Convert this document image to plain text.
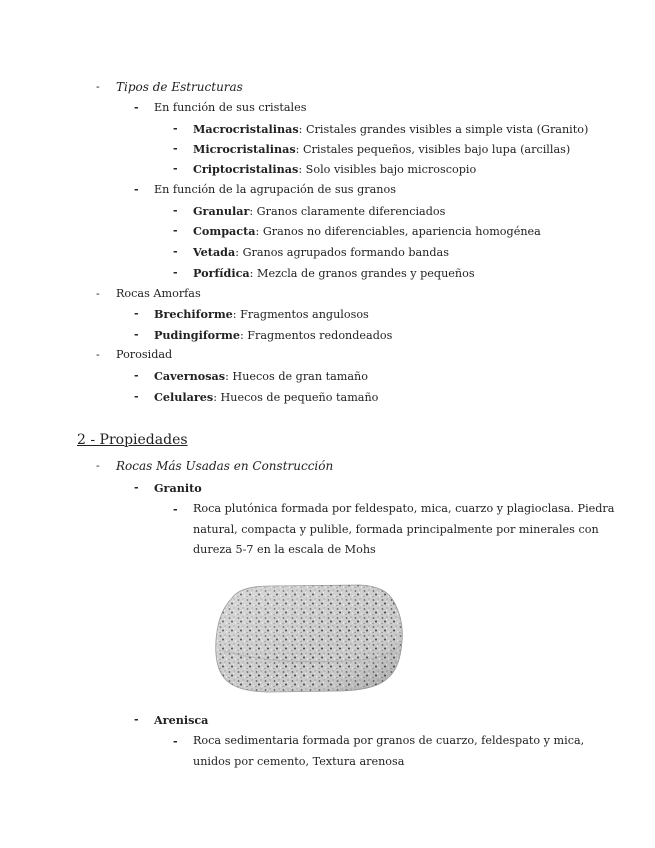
- Tipos de Estructuras
- En función de sus cristales
- Macrocristalinas: Cristales grandes visibles a simple vista (Granito)
- Microcristalinas: Cristales pequeños, visibles bajo lupa (arcillas)
- Criptocristalinas: Solo visibles bajo microscopio
- En función de la agrupación de sus granos
- Granular: Granos claramente diferenciados
- Compacta: Granos no diferenciables, apariencia homogénea
- Vetada: Granos agrupados formando bandas
- Porfídica: Mezcla de granos grandes y pequeños
- Rocas Amorfas
- Brechiforme: Fragmentos angulosos
- Pudingiforme: Fragmentos redondeados
- Porosidad
- Cavernosas: Huecos de gran tamaño
- Celulares: Huecos de pequeño tamaño
2 - Propiedades
- Rocas Más Usadas en Construcción
- Granito
- Roca plutónica formada por feldespato, mica, cuarzo y plagioclasa. Piedra
natural, compacta y pulible, formada principalmente por minerales con
dureza 5-7 en la escala de Mohs
- Arenisca
- Roca sedimentaria formada por granos de cuarzo, feldespato y mica,
unidos por cemento, Textura arenosa
